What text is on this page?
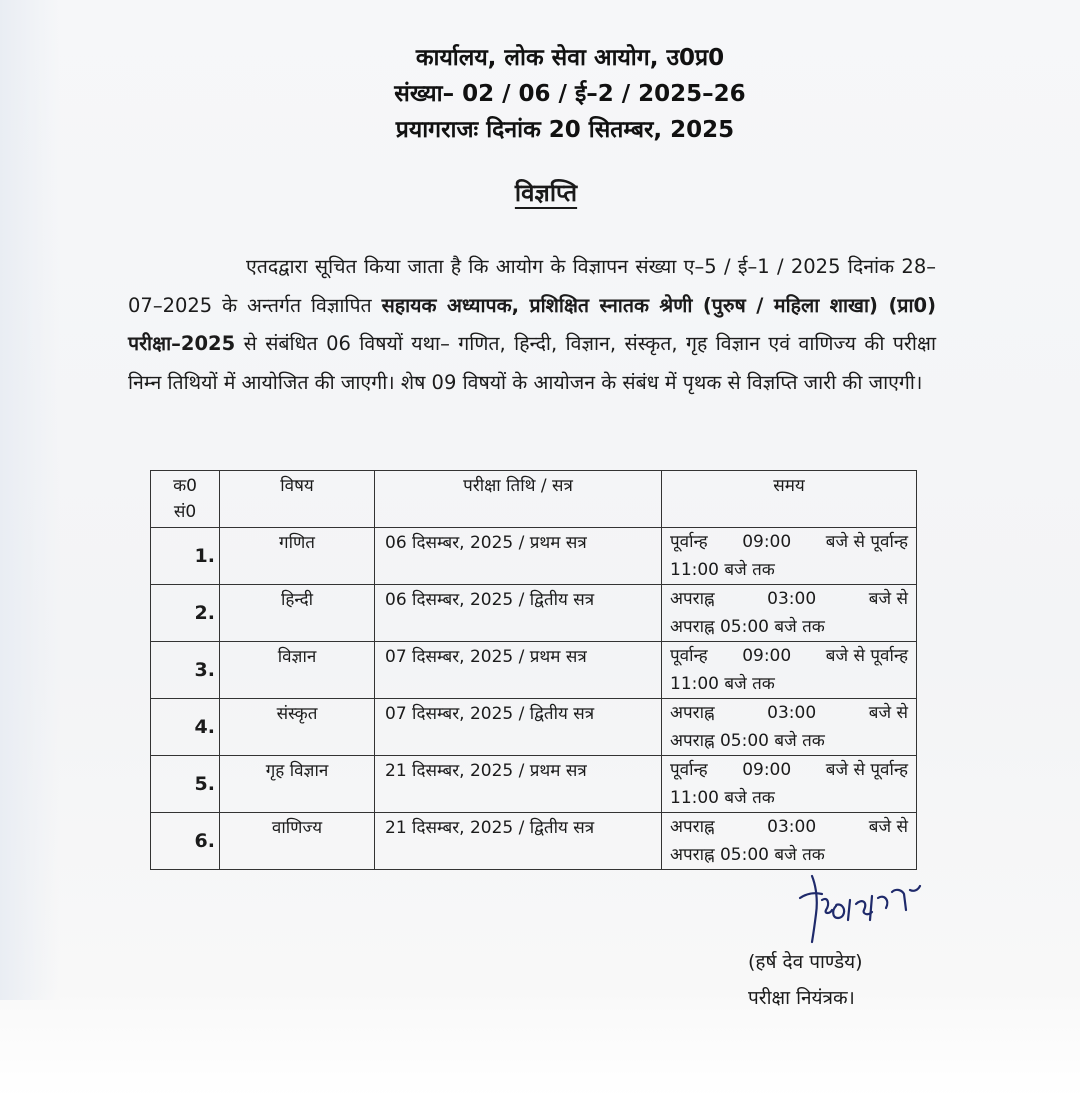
कार्यालय, लोक सेवा आयोग, उ0प्र0
संख्या– 02 / 06 / ई–2 / 2025–26
प्रयागराजः दिनांक 20 सितम्बर, 2025
विज्ञप्ति
एतदद्वारा सूचित किया जाता है कि आयोग के विज्ञापन संख्या ए–5 / ई–1 / 2025 दिनांक 28–07–2025 के अन्तर्गत विज्ञापित सहायक अध्यापक, प्रशिक्षित स्नातक श्रेणी (पुरुष / महिला शाखा) (प्रा0) परीक्षा–2025 से संबंधित 06 विषयों यथा– गणित, हिन्दी, विज्ञान, संस्कृत, गृह विज्ञान एवं वाणिज्य की परीक्षा निम्न तिथियों में आयोजित की जाएगी। शेष 09 विषयों के आयोजन के संबंध में पृथक से विज्ञप्ति जारी की जाएगी।
क0
सं0	विषय	परीक्षा तिथि / सत्र	समय
1.	गणित	06 दिसम्बर, 2025 / प्रथम सत्र	पूर्वान्ह 09:00 बजे से पूर्वान्ह
11:00 बजे तक

2.	हिन्दी	06 दिसम्बर, 2025 / द्वितीय सत्र	अपराह्न 03:00 बजे से
अपराह्न 05:00 बजे तक

3.	विज्ञान	07 दिसम्बर, 2025 / प्रथम सत्र	पूर्वान्ह 09:00 बजे से पूर्वान्ह
11:00 बजे तक

4.	संस्कृत	07 दिसम्बर, 2025 / द्वितीय सत्र	अपराह्न 03:00 बजे से
अपराह्न 05:00 बजे तक

5.	गृह विज्ञान	21 दिसम्बर, 2025 / प्रथम सत्र	पूर्वान्ह 09:00 बजे से पूर्वान्ह
11:00 बजे तक

6.	वाणिज्य	21 दिसम्बर, 2025 / द्वितीय सत्र	अपराह्न 03:00 बजे से
अपराह्न 05:00 बजे तक
(हर्ष देव पाण्डेय)
परीक्षा नियंत्रक।
